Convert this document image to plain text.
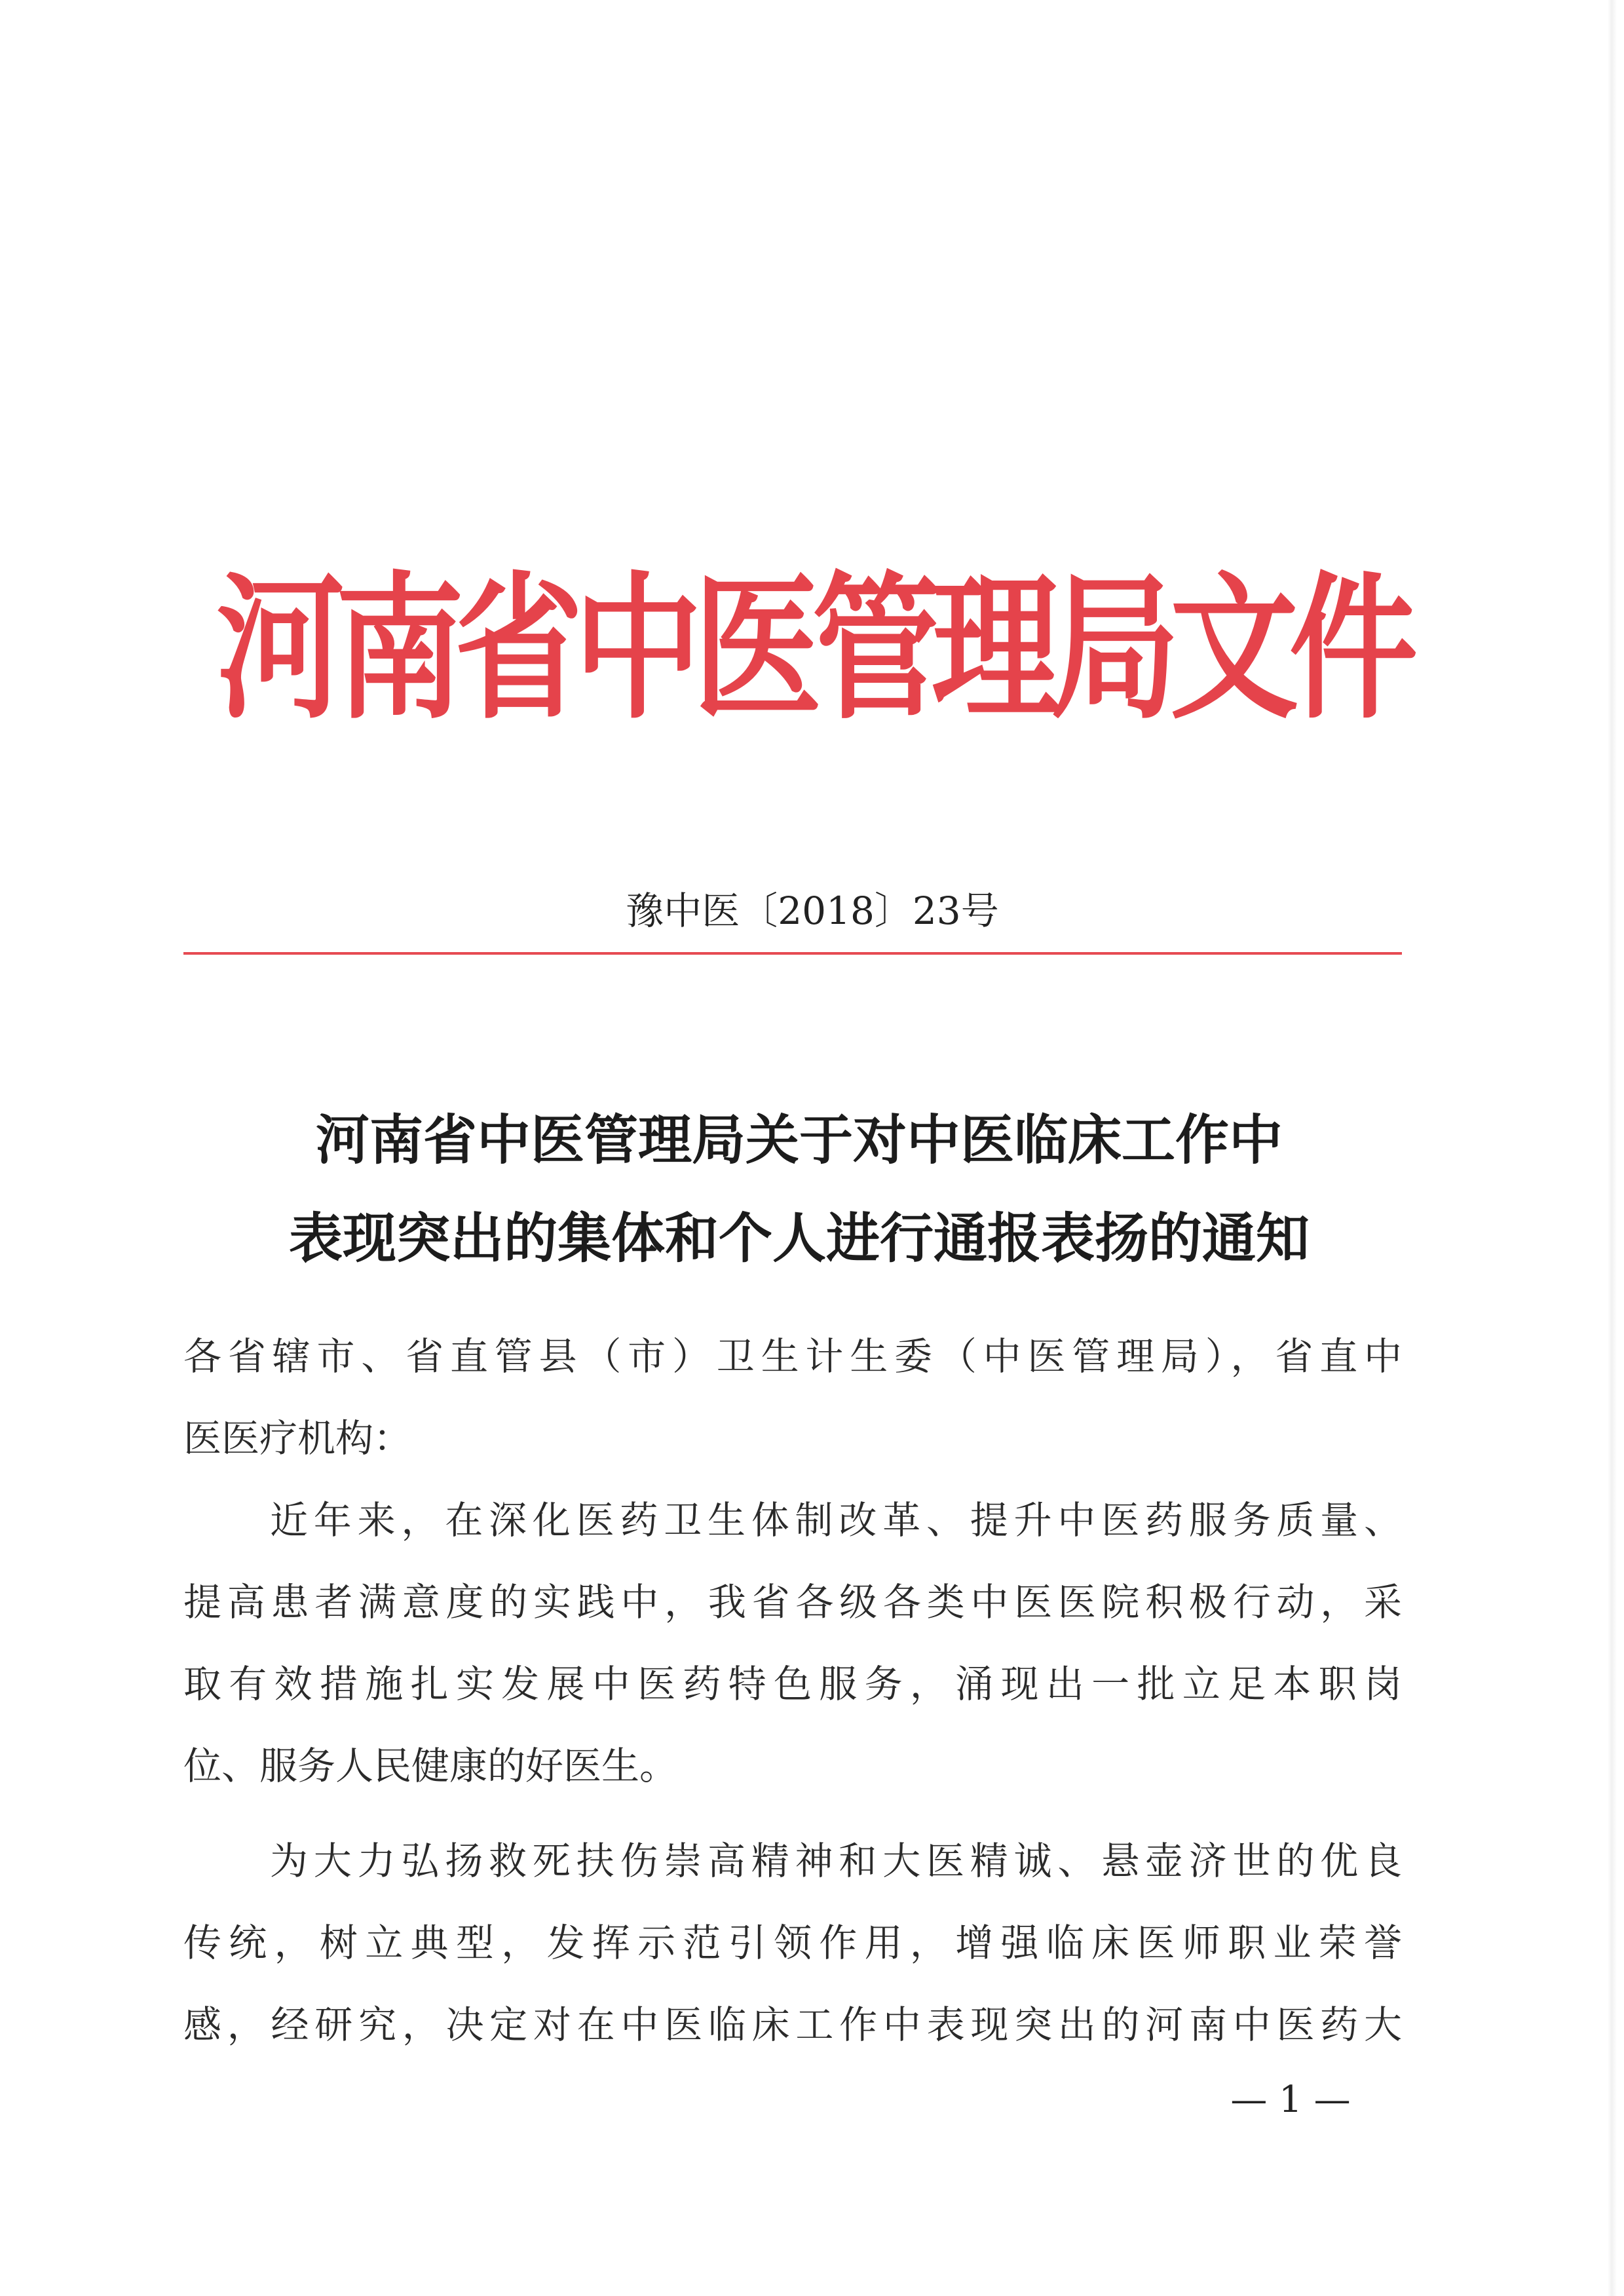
河南省中医管理局文件
豫中医〔2018〕23号
河南省中医管理局关于对中医临床工作中
表现突出的集体和个人进行通报表扬的通知
各省辖市、省直管县（市）卫生计生委（中医管理局），省直中
医医疗机构：
近年来，在深化医药卫生体制改革、提升中医药服务质量、
提高患者满意度的实践中，我省各级各类中医医院积极行动，采
取有效措施扎实发展中医药特色服务，涌现出一批立足本职岗
位、服务人民健康的好医生。
为大力弘扬救死扶伤崇高精神和大医精诚、悬壶济世的优良
传统，树立典型，发挥示范引领作用，增强临床医师职业荣誉
感，经研究，决定对在中医临床工作中表现突出的河南中医药大
— 1 —
